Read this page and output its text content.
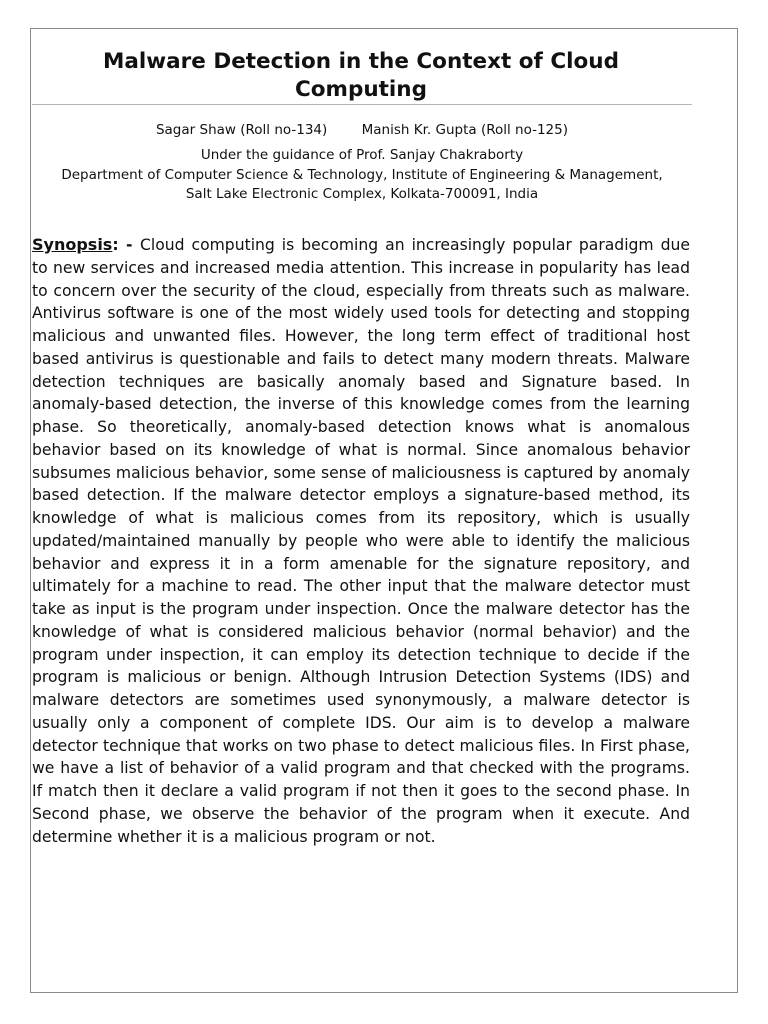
Malware Detection in the Context of Cloud Computing
Sagar Shaw (Roll no-134)	Manish Kr. Gupta (Roll no-125)
Under the guidance of Prof. Sanjay Chakraborty
Department of Computer Science & Technology, Institute of Engineering & Management,
Salt Lake Electronic Complex, Kolkata-700091, India

Synopsis: - Cloud computing is becoming an increasingly popular paradigm due to new services and increased media attention. This increase in popularity has lead to concern over the security of the cloud, especially from threats such as malware. Antivirus software is one of the most widely used tools for detecting and stopping malicious and unwanted files. However, the long term effect of traditional host based antivirus is questionable and fails to detect many modern threats. Malware detection techniques are basically anomaly based and Signature based. In anomaly-based detection, the inverse of this knowledge comes from the learning phase. So theoretically, anomaly-based detection knows what is anomalous behavior based on its knowledge of what is normal. Since anomalous behavior subsumes malicious behavior, some sense of maliciousness is captured by anomaly based detection. If the malware detector employs a signature-based method, its knowledge of what is malicious comes from its repository, which is usually updated/maintained manually by people who were able to identify the malicious behavior and express it in a form amenable for the signature repository, and ultimately for a machine to read. The other input that the malware detector must take as input is the program under inspection. Once the malware detector has the knowledge of what is considered malicious behavior (normal behavior) and the program under inspection, it can employ its detection technique to decide if the program is malicious or benign. Although Intrusion Detection Systems (IDS) and malware detectors are sometimes used synonymously, a malware detector is usually only a component of complete IDS. Our aim is to develop a malware detector technique that works on two phase to detect malicious files. In First phase, we have a list of behavior of a valid program and that checked with the programs. If match then it declare a valid program if not then it goes to the second phase. In Second phase, we observe the behavior of the program when it execute. And determine whether it is a malicious program or not.
